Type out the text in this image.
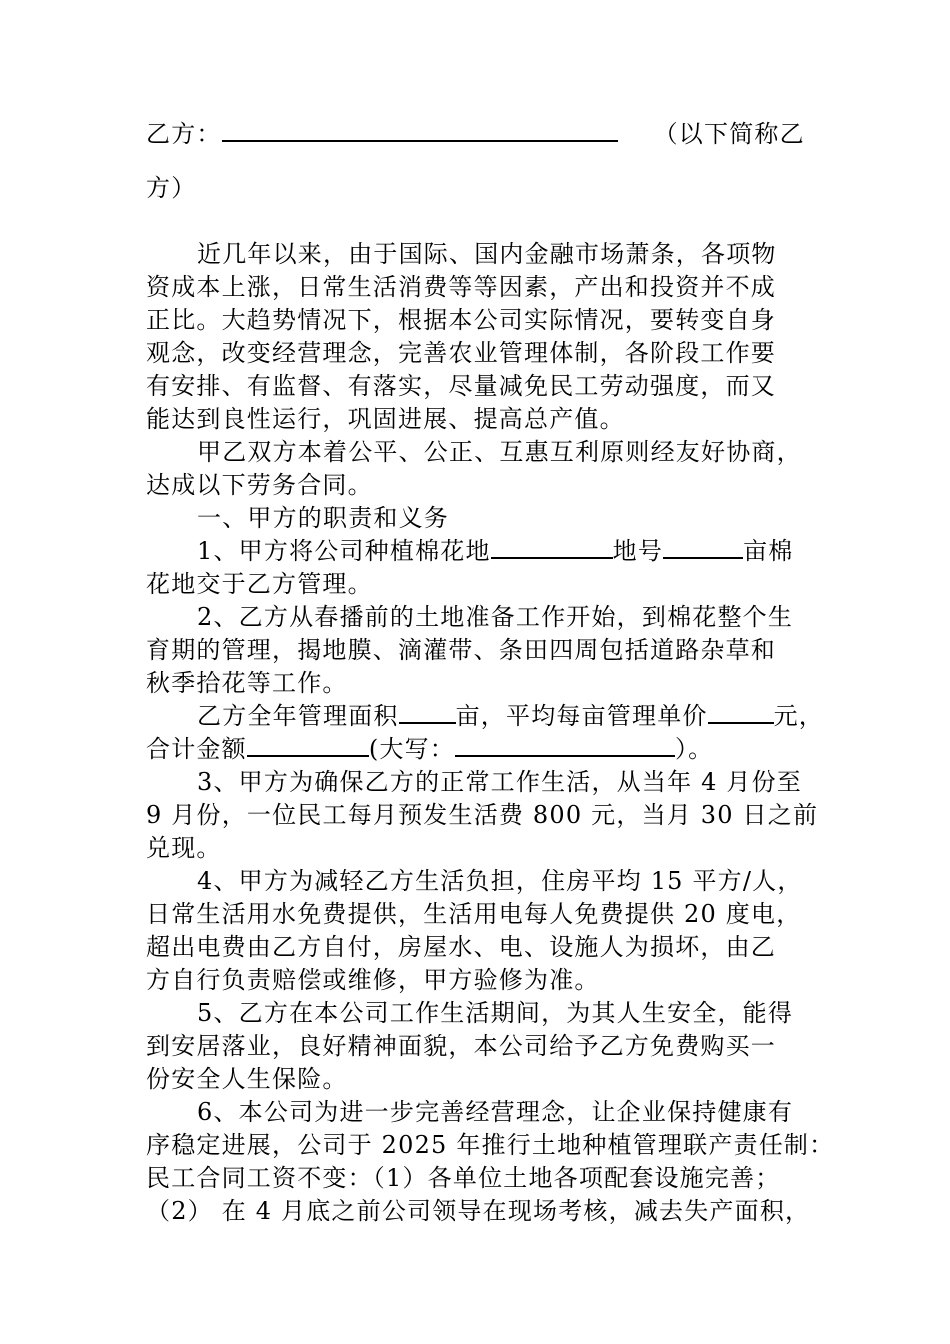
乙方：	（以下简称乙
方）
近几年以来，由于国际、国内金融市场萧条，各项物
资成本上涨，日常生活消费等等因素，产出和投资并不成
正比。大趋势情况下，根据本公司实际情况，要转变自身
观念，改变经营理念，完善农业管理体制，各阶段工作要
有安排、有监督、有落实，尽量减免民工劳动强度，而又
能达到良性运行，巩固进展、提高总产值。
甲乙双方本着公平、公正、互惠互利原则经友好协商，
达成以下劳务合同。
一、甲方的职责和义务
1、甲方将公司种植棉花地	地号	亩棉
花地交于乙方管理。
2、乙方从春播前的土地准备工作开始，到棉花整个生
育期的管理，揭地膜、滴灌带、条田四周包括道路杂草和
秋季拾花等工作。
乙方全年管理面积 亩，平均每亩管理单价	元，
合计金额	(大写：	）。
3、甲方为确保乙方的正常工作生活，从当年 4 月份至
9 月份，一位民工每月预发生活费 800 元，当月 30 日之前
兑现。
4、甲方为减轻乙方生活负担，住房平均 15 平方/人，
日常生活用水免费提供，生活用电每人免费提供 20 度电，
超出电费由乙方自付，房屋水、电、设施人为损坏，由乙
方自行负责赔偿或维修，甲方验修为准。
5、乙方在本公司工作生活期间，为其人生安全，能得
到安居落业，良好精神面貌，本公司给予乙方免费购买一
份安全人生保险。
6、本公司为进一步完善经营理念，让企业保持健康有
序稳定进展，公司于 2025 年推行土地种植管理联产责任制：
民工合同工资不变：（1）各单位土地各项配套设施完善；
（2） 在 4 月底之前公司领导在现场考核，减去失产面积，
